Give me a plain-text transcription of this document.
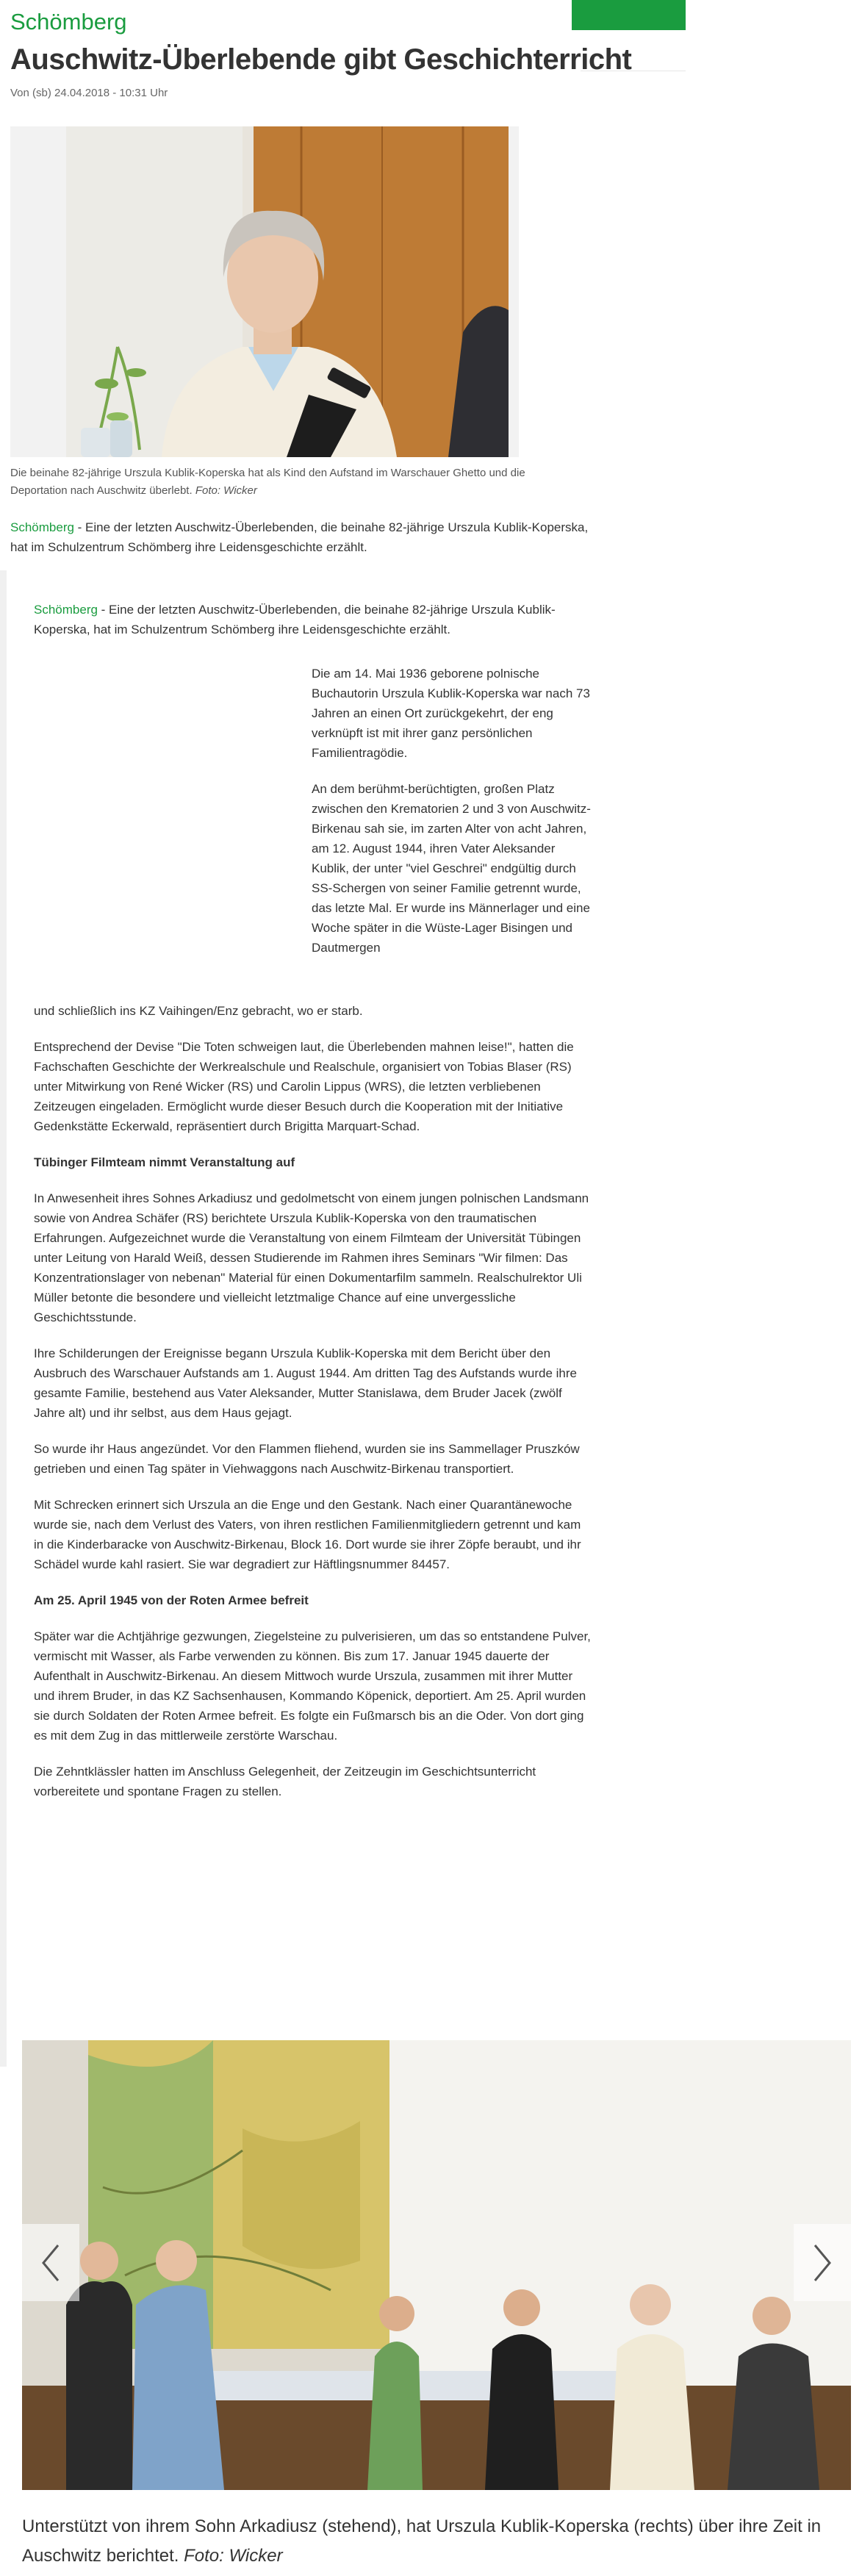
Schömberg
Auschwitz-Überlebende gibt Geschichterricht
Von (sb) 24.04.2018 - 10:31 Uhr
Die beinahe 82-jährige Urszula Kublik-Koperska hat als Kind den Aufstand im Warschauer Ghetto und die Deportation nach Auschwitz überlebt. Foto: Wicker
Schömberg - Eine der letzten Auschwitz-Überlebenden, die beinahe 82-jährige Urszula Kublik-Koperska, hat im Schulzentrum Schömberg ihre Leidensgeschichte erzählt.
Schömberg - Eine der letzten Auschwitz-Überlebenden, die beinahe 82-jährige Urszula Kublik-Koperska, hat im Schulzentrum Schömberg ihre Leidensgeschichte erzählt.

Die am 14. Mai 1936 geborene polnische Buchautorin Urszula Kublik-Koperska war nach 73 Jahren an einen Ort zurückgekehrt, der eng verknüpft ist mit ihrer ganz persönlichen Familientragödie.

An dem berühmt-berüchtigten, großen Platz zwischen den Krematorien 2 und 3 von Auschwitz-Birkenau sah sie, im zarten Alter von acht Jahren, am 12. August 1944, ihren Vater Aleksander Kublik, der unter "viel Geschrei" endgültig durch SS-Schergen von seiner Familie getrennt wurde, das letzte Mal. Er wurde ins Männerlager und eine Woche später in die Wüste-Lager Bisingen und Dautmergen

und schließlich ins KZ Vaihingen/Enz gebracht, wo er starb.

Entsprechend der Devise "Die Toten schweigen laut, die Überlebenden mahnen leise!", hatten die Fachschaften Geschichte der Werkrealschule und Realschule, organisiert von Tobias Blaser (RS) unter Mitwirkung von René Wicker (RS) und Carolin Lippus (WRS), die letzten verbliebenen Zeitzeugen eingeladen. Ermöglicht wurde dieser Besuch durch die Kooperation mit der Initiative Gedenkstätte Eckerwald, repräsentiert durch Brigitta Marquart-Schad.

Tübinger Filmteam nimmt Veranstaltung auf

In Anwesenheit ihres Sohnes Arkadiusz und gedolmetscht von einem jungen polnischen Landsmann sowie von Andrea Schäfer (RS) berichtete Urszula Kublik-Koperska von den traumatischen Erfahrungen. Aufgezeichnet wurde die Veranstaltung von einem Filmteam der Universität Tübingen unter Leitung von Harald Weiß, dessen Studierende im Rahmen ihres Seminars "Wir filmen: Das Konzentrationslager von nebenan" Material für einen Dokumentarfilm sammeln. Realschulrektor Uli Müller betonte die besondere und vielleicht letztmalige Chance auf eine unvergessliche Geschichtsstunde.

Ihre Schilderungen der Ereignisse begann Urszula Kublik-Koperska mit dem Bericht über den Ausbruch des Warschauer Aufstands am 1. August 1944. Am dritten Tag des Aufstands wurde ihre gesamte Familie, bestehend aus Vater Aleksander, Mutter Stanislawa, dem Bruder Jacek (zwölf Jahre alt) und ihr selbst, aus dem Haus gejagt.

So wurde ihr Haus angezündet. Vor den Flammen fliehend, wurden sie ins Sammellager Pruszków getrieben und einen Tag später in Viehwaggons nach Auschwitz-Birkenau transportiert.

Mit Schrecken erinnert sich Urszula an die Enge und den Gestank. Nach einer Quarantänewoche wurde sie, nach dem Verlust des Vaters, von ihren restlichen Familienmitgliedern getrennt und kam in die Kinderbaracke von Auschwitz-Birkenau, Block 16. Dort wurde sie ihrer Zöpfe beraubt, und ihr Schädel wurde kahl rasiert. Sie war degradiert zur Häftlingsnummer 84457.

Am 25. April 1945 von der Roten Armee befreit

Später war die Achtjährige gezwungen, Ziegelsteine zu pulverisieren, um das so entstandene Pulver, vermischt mit Wasser, als Farbe verwenden zu können. Bis zum 17. Januar 1945 dauerte der Aufenthalt in Auschwitz-Birkenau. An diesem Mittwoch wurde Urszula, zusammen mit ihrer Mutter und ihrem Bruder, in das KZ Sachsenhausen, Kommando Köpenick, deportiert. Am 25. April wurden sie durch Soldaten der Roten Armee befreit. Es folgte ein Fußmarsch bis an die Oder. Von dort ging es mit dem Zug in das mittlerweile zerstörte Warschau.

Die Zehntklässler hatten im Anschluss Gelegenheit, der Zeitzeugin im Geschichtsunterricht vorbereitete und spontane Fragen zu stellen.

Unterstützt von ihrem Sohn Arkadiusz (stehend), hat Urszula Kublik-Koperska (rechts) über ihre Zeit in Auschwitz berichtet. Foto: Wicker
